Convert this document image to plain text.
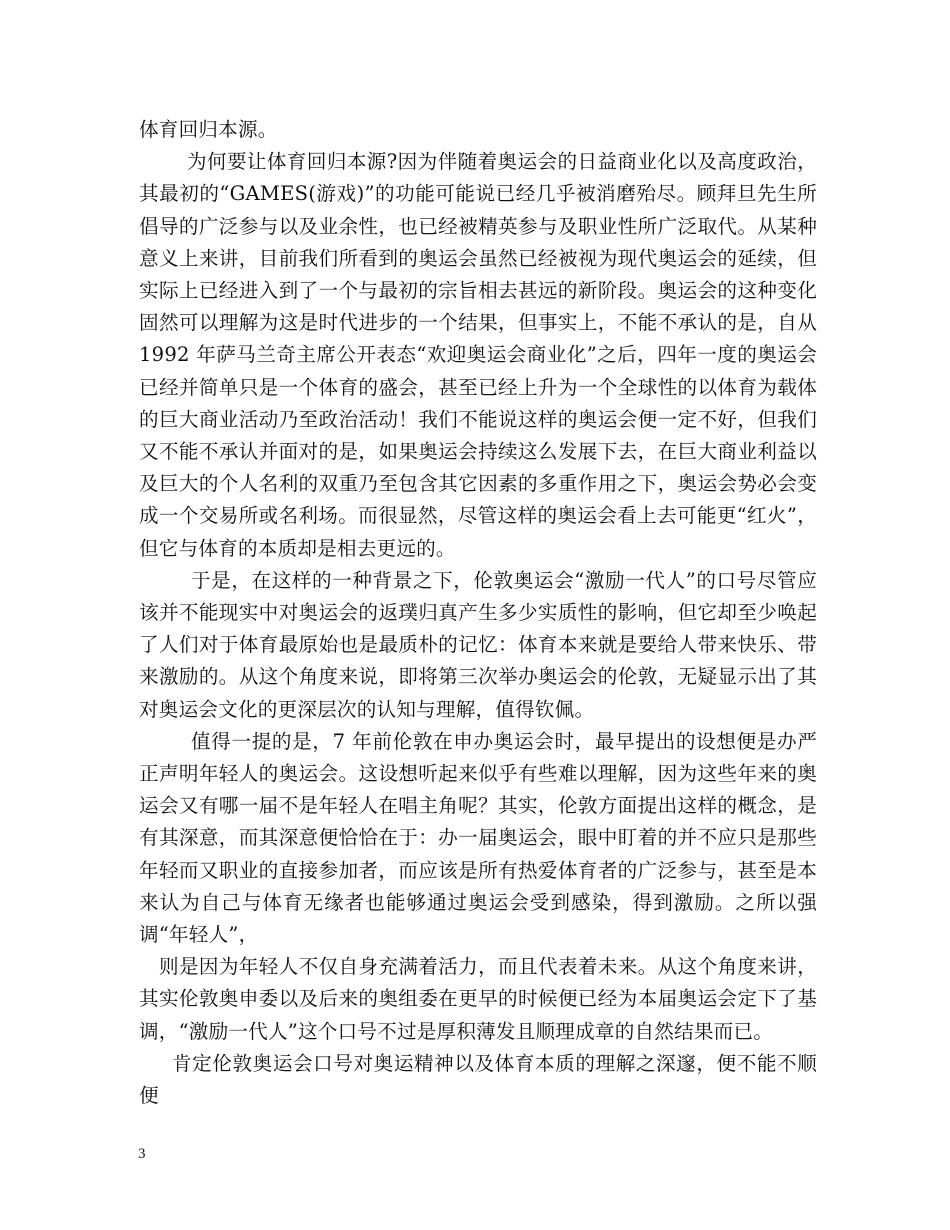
体育回归本源。

为何要让体育回归本源?因为伴随着奥运会的日益商业化以及高度政治，其最初的“GAMES(游戏)”的功能可能说已经几乎被消磨殆尽。顾拜旦先生所倡导的广泛参与以及业余性，也已经被精英参与及职业性所广泛取代。从某种意义上来讲，目前我们所看到的奥运会虽然已经被视为现代奥运会的延续，但实际上已经进入到了一个与最初的宗旨相去甚远的新阶段。奥运会的这种变化固然可以理解为这是时代进步的一个结果，但事实上，不能不承认的是，自从 1992 年萨马兰奇主席公开表态“欢迎奥运会商业化”之后，四年一度的奥运会已经并简单只是一个体育的盛会，甚至已经上升为一个全球性的以体育为载体的巨大商业活动乃至政治活动！我们不能说这样的奥运会便一定不好，但我们又不能不承认并面对的是，如果奥运会持续这么发展下去，在巨大商业利益以及巨大的个人名利的双重乃至包含其它因素的多重作用之下，奥运会势必会变成一个交易所或名利场。而很显然，尽管这样的奥运会看上去可能更“红火”，但它与体育的本质却是相去更远的。

于是，在这样的一种背景之下，伦敦奥运会“激励一代人”的口号尽管应该并不能现实中对奥运会的返璞归真产生多少实质性的影响，但它却至少唤起了人们对于体育最原始也是最质朴的记忆：体育本来就是要给人带来快乐、带来激励的。从这个角度来说，即将第三次举办奥运会的伦敦，无疑显示出了其对奥运会文化的更深层次的认知与理解，值得钦佩。

值得一提的是，7 年前伦敦在申办奥运会时，最早提出的设想便是办严正声明年轻人的奥运会。这设想听起来似乎有些难以理解，因为这些年来的奥运会又有哪一届不是年轻人在唱主角呢？其实，伦敦方面提出这样的概念，是有其深意，而其深意便恰恰在于：办一届奥运会，眼中盯着的并不应只是那些年轻而又职业的直接参加者，而应该是所有热爱体育者的广泛参与，甚至是本来认为自己与体育无缘者也能够通过奥运会受到感染，得到激励。之所以强调“年轻人”，

则是因为年轻人不仅自身充满着活力，而且代表着未来。从这个角度来讲，其实伦敦奥申委以及后来的奥组委在更早的时候便已经为本届奥运会定下了基调，“激励一代人”这个口号不过是厚积薄发且顺理成章的自然结果而已。

肯定伦敦奥运会口号对奥运精神以及体育本质的理解之深邃，便不能不顺便

3
